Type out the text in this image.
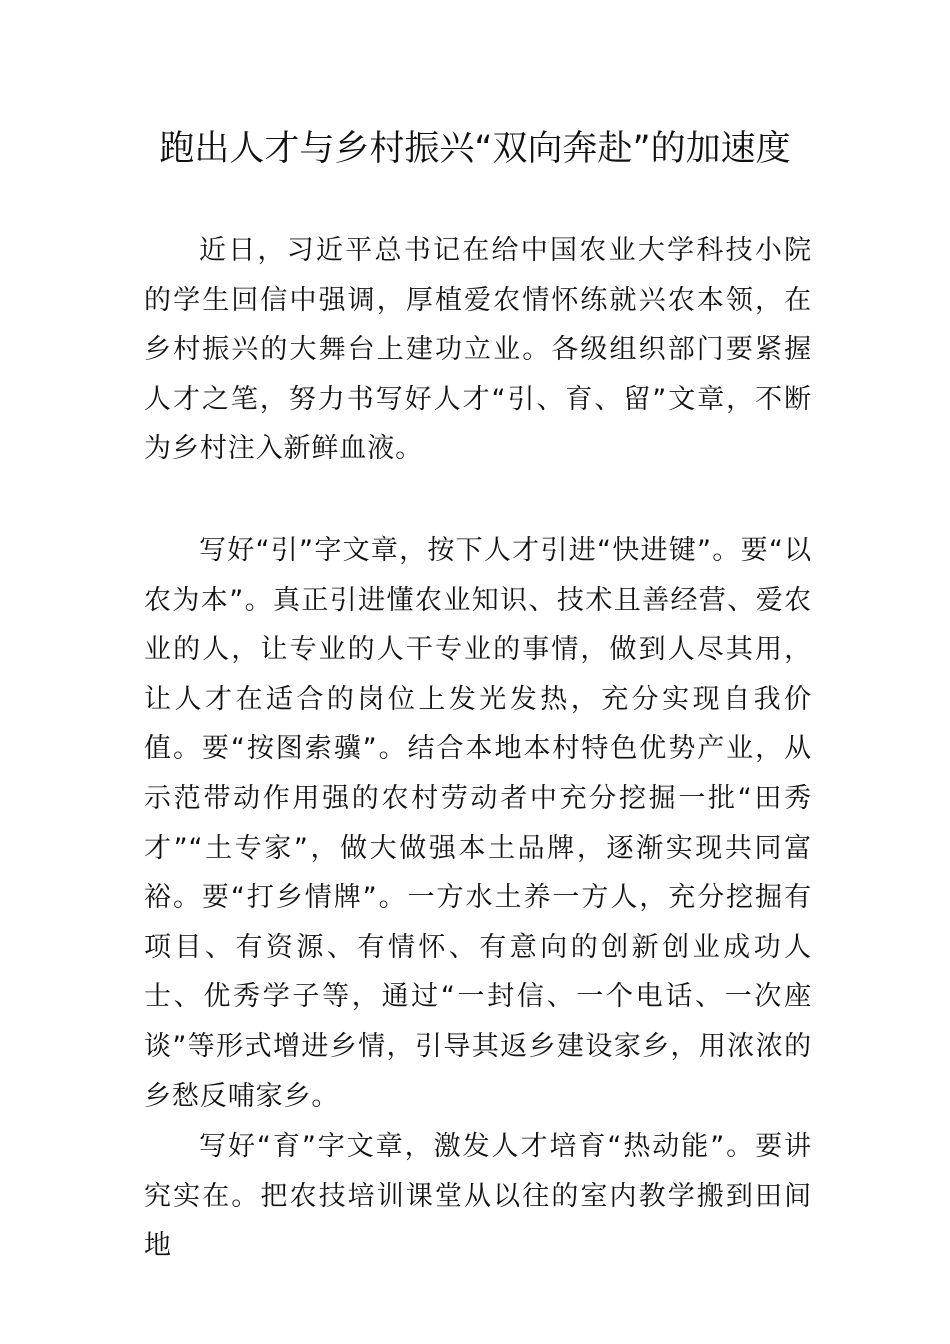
跑出人才与乡村振兴“双向奔赴”的加速度

近日，习近平总书记在给中国农业大学科技小院的学生回信中强调，厚植爱农情怀练就兴农本领，在乡村振兴的大舞台上建功立业。各级组织部门要紧握人才之笔，努力书写好人才“引、育、留”文章，不断为乡村注入新鲜血液。

写好“引”字文章，按下人才引进“快进键”。要“以农为本”。真正引进懂农业知识、技术且善经营、爱农业的人，让专业的人干专业的事情，做到人尽其用，让人才在适合的岗位上发光发热，充分实现自我价值。要“按图索骥”。结合本地本村特色优势产业，从示范带动作用强的农村劳动者中充分挖掘一批“田秀才”“土专家”，做大做强本土品牌，逐渐实现共同富裕。要“打乡情牌”。一方水土养一方人，充分挖掘有项目、有资源、有情怀、有意向的创新创业成功人士、优秀学子等，通过“一封信、一个电话、一次座谈”等形式增进乡情，引导其返乡建设家乡，用浓浓的乡愁反哺家乡。

写好“育”字文章，激发人才培育“热动能”。要讲究实在。把农技培训课堂从以往的室内教学搬到田间地
